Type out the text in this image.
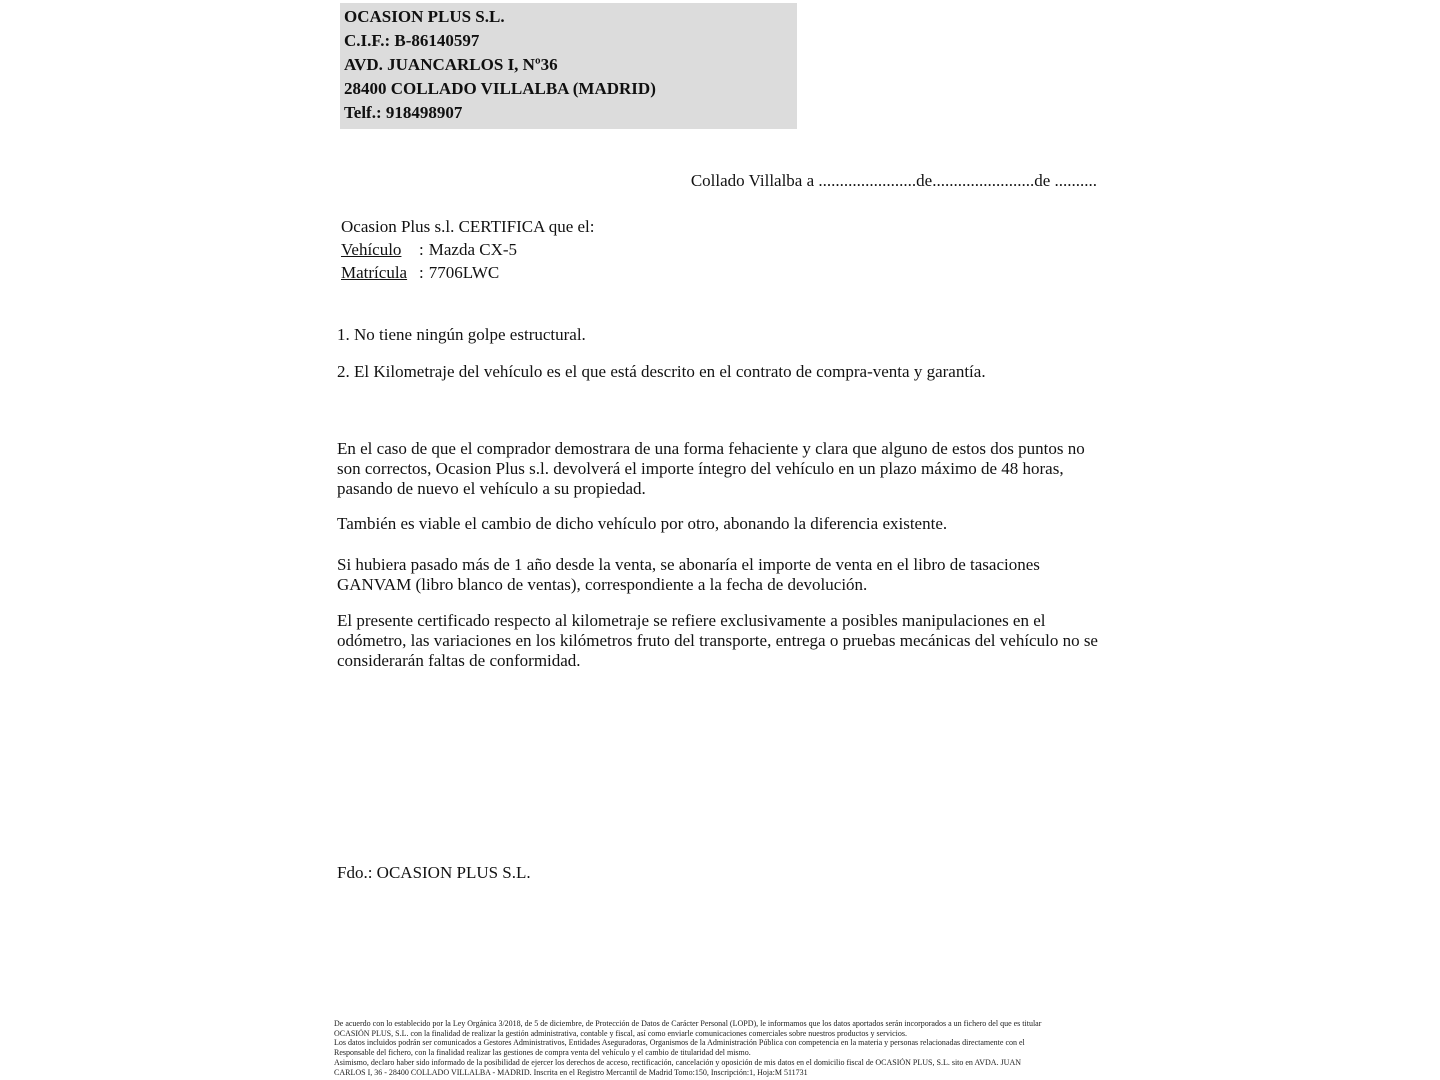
OCASION PLUS S.L.
C.I.F.: B-86140597
AVD. JUANCARLOS I, Nº36
28400 COLLADO VILLALBA (MADRID)
Telf.: 918498907
Collado Villalba a .......................de........................de ..........
Ocasion Plus s.l. CERTIFICA que el:
Vehículo : Mazda CX-5
Matrícula : 7706LWC
1. No tiene ningún golpe estructural.
2. El Kilometraje del vehículo es el que está descrito en el contrato de compra-venta y garantía.
En el caso de que el comprador demostrara de una forma fehaciente y clara que alguno de estos dos puntos no son correctos, Ocasion Plus s.l. devolverá el importe íntegro del vehículo en un plazo máximo de 48 horas, pasando de nuevo el vehículo a su propiedad.
También es viable el cambio de dicho vehículo por otro, abonando la diferencia existente.
Si hubiera pasado más de 1 año desde la venta, se abonaría el importe de venta en el libro de tasaciones GANVAM (libro blanco de ventas), correspondiente a la fecha de devolución.
El presente certificado respecto al kilometraje se refiere exclusivamente a posibles manipulaciones en el odómetro, las variaciones en los kilómetros fruto del transporte, entrega o pruebas mecánicas del vehículo no se considerarán faltas de conformidad.
Fdo.: OCASION PLUS S.L.
De acuerdo con lo establecido por la Ley Orgánica 3/2018, de 5 de diciembre, de Protección de Datos de Carácter Personal (LOPD), le informamos que los datos aportados serán incorporados a un fichero del que es titular
OCASIÓN PLUS, S.L. con la finalidad de realizar la gestión administrativa, contable y fiscal, así como enviarle comunicaciones comerciales sobre nuestros productos y servicios.
Los datos incluidos podrán ser comunicados a Gestores Administrativos, Entidades Aseguradoras, Organismos de la Administración Pública con competencia en la materia y personas relacionadas directamente con el
Responsable del fichero, con la finalidad realizar las gestiones de compra venta del vehículo y el cambio de titularidad del mismo.
Asimismo, declaro haber sido informado de la posibilidad de ejercer los derechos de acceso, rectificación, cancelación y oposición de mis datos en el domicilio fiscal de OCASIÓN PLUS, S.L. sito en AVDA. JUAN
CARLOS I, 36 - 28400 COLLADO VILLALBA - MADRID. Inscrita en el Registro Mercantil de Madrid Tomo:150, Inscripción:1, Hoja:M 511731
